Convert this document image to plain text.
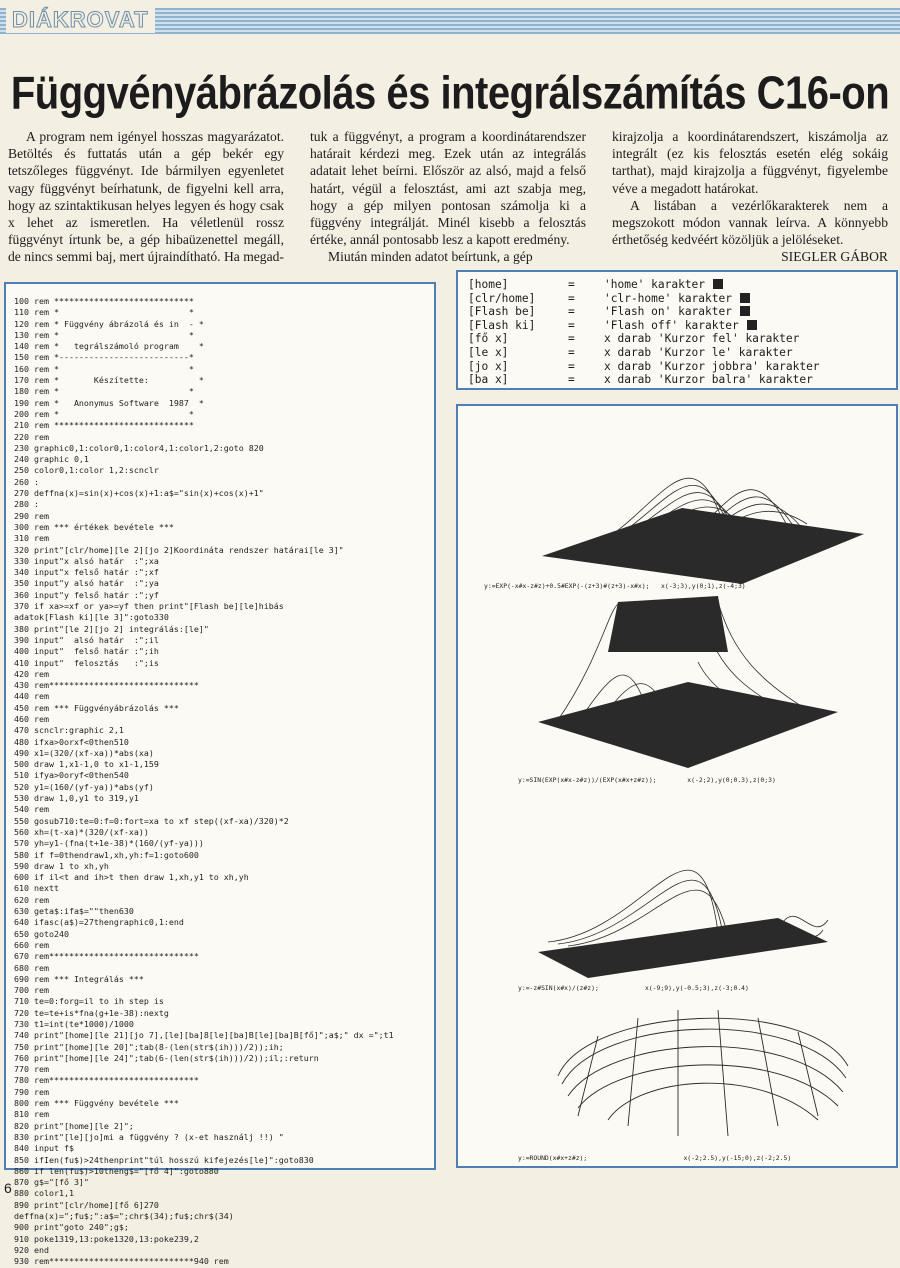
DIÁKROVAT
Függvényábrázolás és integrálszámítás C16-on

A program nem igényel hosszas magyarázatot. Betöltés és futtatás után a gép bekér egy tetszőleges függvényt. Ide bármilyen egyenletet vagy függvényt beírhatunk, de figyelni kell arra, hogy az szintaktikusan helyes legyen és hogy csak x lehet az ismeretlen. Ha véletlenül rossz függvényt írtunk be, a gép hibaüzenettel megáll, de nincs semmi baj, mert újraindítható. Ha megad-

tuk a függvényt, a program a koordinátarendszer határait kérdezi meg. Ezek után az integrálás adatait lehet beírni. Először az alsó, majd a felső határt, végül a felosztást, ami azt szabja meg, hogy a gép milyen pontosan számolja ki a függvény integrálját. Minél kisebb a felosztás értéke, annál pontosabb lesz a kapott eredmény.

Miután minden adatot beírtunk, a gép

kirajzolja a koordinátarendszert, kiszámolja az integrált (ez kis felosztás esetén elég sokáig tarthat), majd kirajzolja a függvényt, figyelembe véve a megadott határokat.

A listában a vezérlőkarakterek nem a megszokott módon vannak leírva. A könnyebb érthetőség kedvéért közöljük a jelöléseket.

SIEGLER GÁBOR

100 rem ****************************
110 rem *                          *
120 rem * Függvény ábrázolá és in  - *
130 rem *                          *
140 rem *   tegrálszámoló program    *
150 rem *--------------------------*
160 rem *                          *
170 rem *       Készítette:          *
180 rem *                          *
190 rem *   Anonymus Software  1987  *
200 rem *                          *
210 rem ****************************
220 rem
230 graphic0,1:color0,1:color4,1:color1,2:goto 820
240 graphic 0,1
250 color0,1:color 1,2:scnclr
260 :
270 deffna(x)=sin(x)+cos(x)+1:a$="sin(x)+cos(x)+1"
280 :
290 rem
300 rem *** értékek bevétele ***
310 rem
320 print"[clr/home][le 2][jo 2]Koordináta rendszer határai[le 3]"
330 input"x alsó határ  :";xa
340 input"x felső határ :";xf
350 input"y alsó határ  :";ya
360 input"y felső határ :";yf
370 if xa>=xf or ya>=yf then print"[Flash be][le]hibás
adatok[Flash ki][le 3]":goto330
380 print"[le 2][jo 2] integrálás:[le]"
390 input"  alsó határ  :";il
400 input"  felső határ :";ih
410 input"  felosztás   :";is
420 rem
430 rem******************************
440 rem
450 rem *** Függvényábrázolás ***
460 rem
470 scnclr:graphic 2,1
480 ifxa>0orxf<0then510
490 x1=(320/(xf-xa))*abs(xa)
500 draw 1,x1-1,0 to x1-1,159
510 ifya>0oryf<0then540
520 y1=(160/(yf-ya))*abs(yf)
530 draw 1,0,y1 to 319,y1
540 rem
550 gosub710:te=0:f=0:fort=xa to xf step((xf-xa)/320)*2
560 xh=(t-xa)*(320/(xf-xa))
570 yh=y1-(fna(t+1e-38)*(160/(yf-ya)))
580 if f=0thendraw1,xh,yh:f=1:goto600
590 draw 1 to xh,yh
600 if il<t and ih>t then draw 1,xh,y1 to xh,yh
610 nextt
620 rem
630 geta$:ifa$=""then630
640 ifasc(a$)=27thengraphic0,1:end
650 goto240
660 rem
670 rem******************************
680 rem
690 rem *** Integrálás ***
700 rem
710 te=0:forg=il to ih step is
720 te=te+is*fna(g+1e-38):nextg
730 t1=int(te*1000)/1000
740 print"[home][le 21][jo 7],[le][ba]8[le][ba]B[le][ba]B[fő]";a$;" dx =";t1
750 print"[home][le 20]";tab(8-(len(str$(ih)))/2));ih;
760 print"[home][le 24]";tab(6-(len(str$(ih)))/2));il;:return
770 rem
780 rem******************************
790 rem
800 rem *** Függvény bevétele ***
810 rem
820 print"[home][le 2]";
830 print"[le][jo]mi a függvény ? (x-et használj !!) "
840 input f$
850 ifIen(fu$)>24thenprint"túl hosszú kifejezés[le]":goto830
860 if len(fu$)>10theng$="[fő 4]":goto880
870 g$="[fő 3]"
880 color1,1
890 print"[clr/home][fő 6]270
deffna(x)=";fu$;":a$=";chr$(34);fu$;chr$(34)
900 print"goto 240";g$;
910 poke1319,13:poke1320,13:poke239,2
920 end
930 rem*****************************940 rem
[home]	=	'home' karakter
[clr/home]	=	'clr-home' karakter
[Flash be]	=	'Flash on' karakter
[Flash ki]	=	'Flash off' karakter
[fő x]	=	x darab 'Kurzor fel' karakter
[le x]	=	x darab 'Kurzor le' karakter
[jo x]	=	x darab 'Kurzor jobbra' karakter
[ba x]	=	x darab 'Kurzor balra' karakter
y:=EXP(-x#x-z#z)+0.5#EXP(-(z+3)#(z+3)-x#x); x(-3;3),y(0;1),z(-4;3)
y:=SIN(EXP(x#x-z#z))/(EXP(x#x+z#z));	x(-2;2),y(0;0.3),z(0;3)
y:=-z#SIN(x#x)/(z#z);	x(-9;9),y(-0.5;3),z(-3;0.4)
y:=ROUND(x#x+z#z);	x(-2;2.5),y(-15;0),z(-2;2.5)
6
